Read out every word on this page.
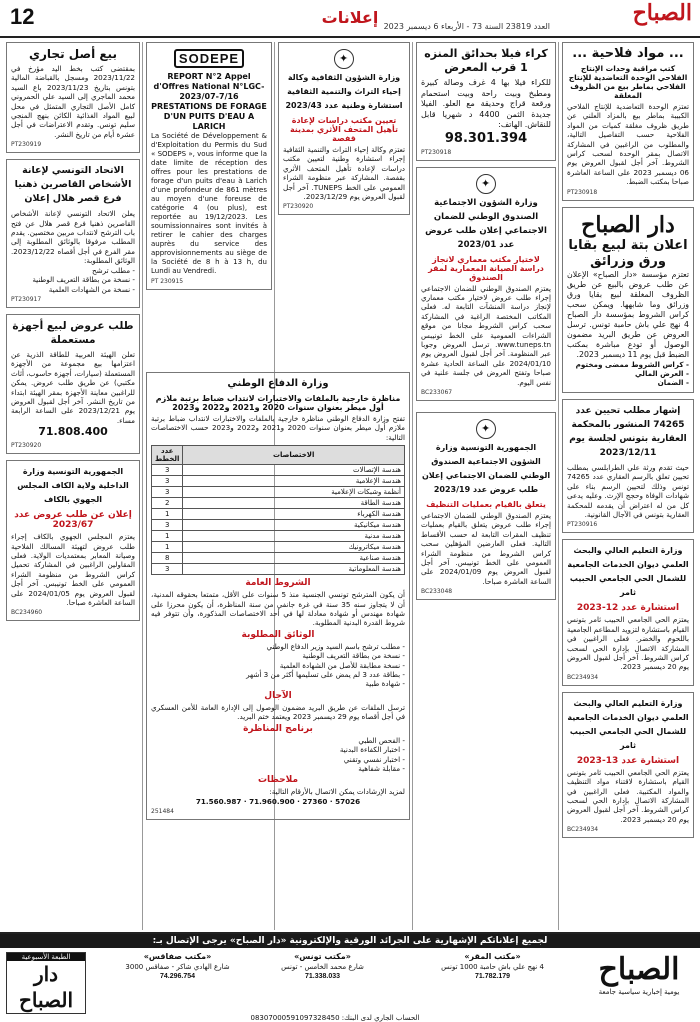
12	إعلانات	الصباح
العدد 23819 السنة 73 - الأربعاء 6 ديسمبر 2023
... مواد فلاحية ...
كتب مراقبة وحدات الإنتاج الفلاحي الوحدة التعاضدية للإنتاج الفلاحي بماطر بيع من الظروف المغلقة
تعتزم الوحدة التعاضدية للإنتاج الفلاحي الكبيبة بماطر بيع بالمزاد العلني عن طريق ظروف مغلقة كميات من المواد الفلاحية حسب التفاصيل التالية، والمطلوب من الراغبين في المشاركة الاتصال بمقر الوحدة لسحب كراس الشروط. آخر أجل لقبول العروض يوم 06 ديسمبر 2023 على الساعة العاشرة صباحا بمكتب الضبط.
PT230918
دار الصباح
اعلان بتة لبيع بقايا ورق وزرائق
تعتزم مؤسسة «دار الصباح» الإعلان عن طلب عروض بالبيع عن طريق الظروف المغلقة لبيع بقايا ورق وزرائق وما شابهها. ويمكن سحب كراس الشروط بمؤسسة دار الصباح 4 نهج علي باش حامبة تونس. ترسل العروض عن طريق البريد مضمون الوصول أو تودع مباشرة بمكتب الضبط قبل يوم 11 ديسمبر 2023.
- كراس الشروط ممضى ومختوم
- العرض المالي
- الضمان
إشهار مطلب تحيين عدد 74265 المنشور بالمحكمة العقارية بتونس لجلسة يوم 2023/12/11
حيث تقدم ورثة علي الطرابلسي بمطلب تحيين تعلق بالرسم العقاري عدد 74265 تونس وذلك لتحيين الرسم بناء على شهادات الوفاة وحجج الإرث. وعليه يدعى كل من له اعتراض أن يقدمه للمحكمة العقارية بتونس في الآجال القانونية.
PT230916
وزارة التعليم العالي والبحث العلمي ديوان الخدمات الجامعية للشمال الحي الجامعي الحبيب ثامر
استشارة عدد 12-2023
يعتزم الحي الجامعي الحبيب ثامر بتونس القيام باستشارة لتزويد المطاعم الجامعية باللحوم والخضر. فعلى الراغبين في المشاركة الاتصال بإدارة الحي لسحب كراس الشروط. آخر أجل لقبول العروض يوم 20 ديسمبر 2023.
BC234934
وزارة التعليم العالي والبحث العلمي ديوان الخدمات الجامعية للشمال الحي الجامعي الحبيب ثامر
استشارة عدد 13-2023
يعتزم الحي الجامعي الحبيب ثامر بتونس القيام باستشارة لاقتناء مواد التنظيف والمواد المكتبية. فعلى الراغبين في المشاركة الاتصال بإدارة الحي لسحب كراس الشروط. آخر أجل لقبول العروض يوم 20 ديسمبر 2023.
BC234934
كراء فيلا بحدائق المنزه 1 قرب المعرض
للكراء فيلا بها 4 غرف وصالة كبيرة ومطبخ وبيت راحة وبيت استحمام ورقعة قراج وحديقة مع العلو. الفيلا جديدة الثمن 4400 د شهريا قابل للنقاش. الهاتف:
98.301.394
PT230918
✦
وزارة الشؤون الاجتماعية الصندوق الوطني للضمان الاجتماعي إعلان طلب عروض عدد 2023/01
لاختيار مكتب معماري لانجاز دراسة الصيانة المعمارية لمقر الصندوق
يعتزم الصندوق الوطني للضمان الاجتماعي إجراء طلب عروض لاختيار مكتب معماري لإنجاز دراسة المنشآت التابعة له. فعلى المكاتب المختصة الراغبة في المشاركة سحب كراس الشروط مجانا من موقع الشراءات العمومية على الخط تونيبس www.tuneps.tn. ترسل العروض وجوبا عبر المنظومة. آخر أجل لقبول العروض يوم 2024/01/10 على الساعة الحادية عشرة صباحا وتفتح العروض في جلسة علنية في نفس اليوم.
BC233067
✦
وزارة الشؤون الثقافية وكالة إحياء التراث والتنمية الثقافية استشارة وطنية عدد 2023/43
تعيين مكتب دراسات لإعادة تأهيل المتحف الأثري بمدينة قفصة
تعتزم وكالة إحياء التراث والتنمية الثقافية إجراء استشارة وطنية لتعيين مكتب دراسات لإعادة تأهيل المتحف الأثري بقفصة. المشاركة عبر منظومة الشراء العمومي على الخط TUNEPS. آخر أجل لقبول العروض يوم 2023/12/29.
PT230920
SODEPE
REPORT N°2 Appel d'Offres National N°LGC-2023/07-7/16 PRESTATIONS DE FORAGE D'UN PUITS D'EAU A LARICH
La Société de Développement & d'Exploitation du Permis du Sud « SODEPS », vous informe que la date limite de réception des offres pour les prestations de forage d'un puits d'eau à Larich d'une profondeur de 861 mètres au moyen d'une foreuse de catégorie 4 (ou plus), est reportée au 19/12/2023. Les soumissionnaires sont invités à retirer le cahier des charges auprès du service des approvisionnements au siège de la Société de 8 h à 13 h, du Lundi au Vendredi.
PT 230915
بيع أصل تجاري
بمقتضى كتب بخط اليد مؤرخ في 2023/11/22 ومسجل بالقباضة المالية بتونس بتاريخ 2023/11/23 باع السيد محمد الماجري إلى السيد علي الحمروني كامل الأصل التجاري المتمثل في محل لبيع المواد الغذائية الكائن بنهج المنجي سليم تونس. وتقدم الاعتراضات في أجل عشرة أيام من تاريخ النشر.
PT230919
الاتحاد التونسي لإعانة الأشخاص القاصرين ذهنيا فرع قصر هلال إعلان
يعلن الاتحاد التونسي لإعانة الأشخاص القاصرين ذهنيا فرع قصر هلال عن فتح باب الترشح لانتداب مربين مختصين. يقدم المطلب مرفوقا بالوثائق المطلوبة إلى مقر الفرع في أجل أقصاه 2023/12/22. الوثائق المطلوبة:
- مطلب ترشح
- نسخة من بطاقة التعريف الوطنية
- نسخة من الشهادات العلمية
PT230917
طلب عروض لبيع أجهزة مستعملة
تعلن الهيئة العربية للطاقة الذرية عن اعتزامها بيع مجموعة من الأجهزة المستعملة (سيارات، أجهزة حاسوب، أثاث مكتبي) عن طريق طلب عروض. يمكن للراغبين معاينة الأجهزة بمقر الهيئة ابتداء من تاريخ النشر. آخر أجل لقبول العروض يوم 2023/12/21 على الساعة الرابعة مساء.
71.808.400
PT230920
الجمهورية التونسية وزارة الداخلية ولاية الكاف المجلس الجهوي بالكاف
إعلان عن طلب عروض عدد 2023/67
يعتزم المجلس الجهوي بالكاف إجراء طلب عروض لتهيئة المسالك الفلاحية وصيانة المعابر بمعتمديات الولاية. فعلى المقاولين الراغبين في المشاركة تحميل كراس الشروط من منظومة الشراء العمومي على الخط تونيبس. آخر أجل لقبول العروض يوم 2024/01/05 على الساعة العاشرة صباحا.
BC234960
✦
الجمهورية التونسية وزارة الشؤون الاجتماعية الصندوق الوطني للضمان الاجتماعي إعلان طلب عروض عدد 2023/19
يتعلق بالقيام بعمليات التنظيف
يعتزم الصندوق الوطني للضمان الاجتماعي إجراء طلب عروض يتعلق بالقيام بعمليات تنظيف المقرات التابعة له حسب الأقساط التالية. فعلى العارضين المؤهلين سحب كراس الشروط من منظومة الشراء العمومي على الخط تونيبس. آخر أجل لقبول العروض يوم 2024/01/09 على الساعة العاشرة صباحا.
BC233048
وزارة الدفاع الوطني
مناظرة خارجية بالملفات والاختبارات لانتداب ضباط برتبة ملازم أول ميطر بعنوان سنوات 2020 و2021 و2022 و2023
تفتح وزارة الدفاع الوطني مناظرة خارجية بالملفات والاختبارات لانتداب ضباط برتبة ملازم أول ميطر بعنوان سنوات 2020 و2021 و2022 و2023 حسب الاختصاصات التالية:
الاختصاصات	عدد الخطط
هندسة الإتصالات	3
هندسة الإعلامية	3
أنظمة وشبكات الإعلامية	3
هندسة الطاقة	2
هندسة الكهرباء	1
هندسة ميكانيكية	3
هندسة مدنية	1
هندسة ميكاترونيك	1
هندسة صناعية	8
هندسة المعلوماتية	3
الشروط العامة
أن يكون المترشح تونسي الجنسية منذ 5 سنوات على الأقل، متمتعا بحقوقه المدنية، أن لا يتجاوز سنه 35 سنة في غرة جانفي من سنة المناظرة، أن يكون محرزا على شهادة مهندس أو شهادة معادلة لها في أحد الاختصاصات المذكورة، وأن تتوفر فيه شروط القدرة البدنية المطلوبة.
الوثائق المطلوبة
- مطلب ترشح باسم السيد وزير الدفاع الوطني
- نسخة من بطاقة التعريف الوطنية
- نسخة مطابقة للأصل من الشهادة العلمية
- بطاقة عدد 3 لم يمض على تسليمها أكثر من 3 أشهر
- شهادة طبية
الآجال
ترسل الملفات عن طريق البريد مضمون الوصول إلى الإدارة العامة للأمن العسكري في أجل أقصاه يوم 29 ديسمبر 2023 ويعتمد ختم البريد.
برنامج المناظرة
- الفحص الطبي
- اختبار الكفاءة البدنية
- اختبار نفسي وتقني
- مقابلة شفاهية
ملاحظات
لمزيد الإرشادات يمكن الاتصال بالأرقام التالية:
71.560.987 · 71.960.900 · 27360 · 57026
251484
لجميع إعلاناتكم الإشهارية على الجرائد الورقية والإلكترونية «دار الصباح» يرجى الإتصال بـ:
الصباح
يومية إخبارية سياسية جامعة
«مكتب المقر»
4 نهج علي باش حامبة 1000 تونس
71.782.179
«مكتب تونس»
شارع محمد الخامس - تونس
71.338.033
«مكتب صفاقس»
شارع الهادي شاكر - صفاقس 3000
74.296.754
الطبعة الأسبوعية
دار الصباح
الحساب الجاري لدى البنك: 08307000591097328450
